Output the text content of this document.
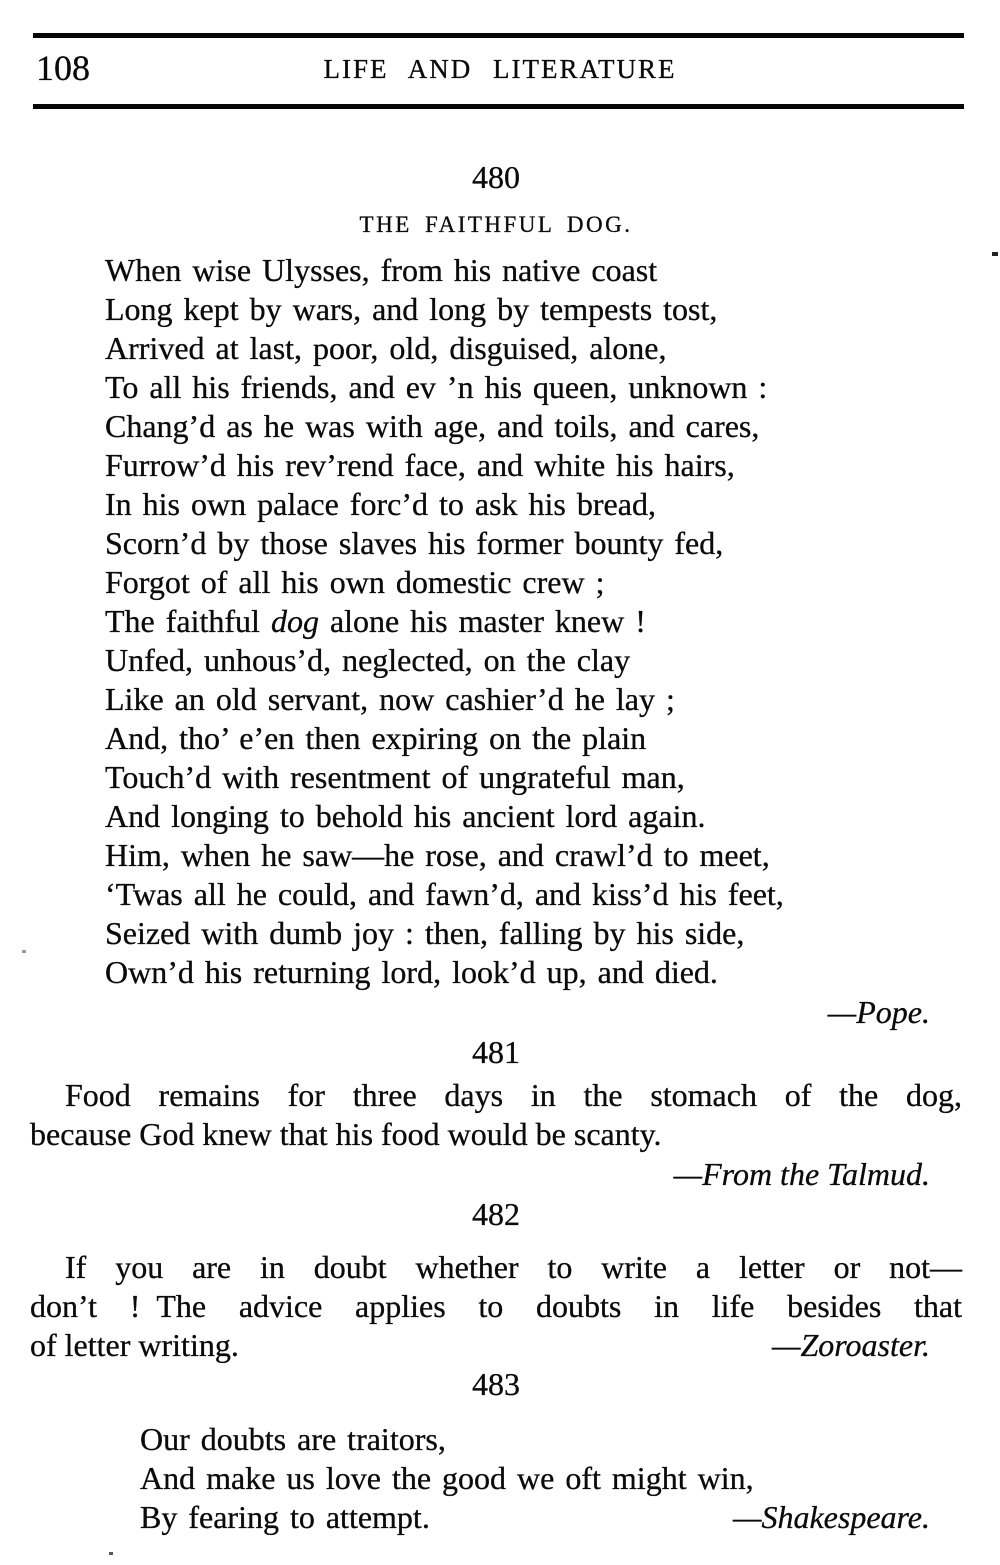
108	LIFE AND LITERATURE
480
THE FAITHFUL DOG.
When wise Ulysses, from his native coast
Long kept by wars, and long by tempests tost,
Arrived at last, poor, old, disguised, alone,
To all his friends, and ev ’n his queen, unknown :
Chang’d as he was with age, and toils, and cares,
Furrow’d his rev’rend face, and white his hairs,
In his own palace forc’d to ask his bread,
Scorn’d by those slaves his former bounty fed,
Forgot of all his own domestic crew ;
The faithful dog alone his master knew !
Unfed, unhous’d, neglected, on the clay
Like an old servant, now cashier’d he lay ;
And, tho’ e’en then expiring on the plain
Touch’d with resentment of ungrateful man,
And longing to behold his ancient lord again.
Him, when he saw—he rose, and crawl’d to meet,
‘Twas all he could, and fawn’d, and kiss’d his feet,
Seized with dumb joy : then, falling by his side,
Own’d his returning lord, look’d up, and died.
—Pope.
481
Food remains for three days in the stomach of the dog,
because God knew that his food would be scanty.
—From the Talmud.
482
If you are in doubt whether to write a letter or not—
don’t ! The advice applies to doubts in life besides that
—Zoroaster.
of letter writing.
483
Our doubts are traitors,
And make us love the good we oft might win,
—Shakespeare.
By fearing to attempt.
